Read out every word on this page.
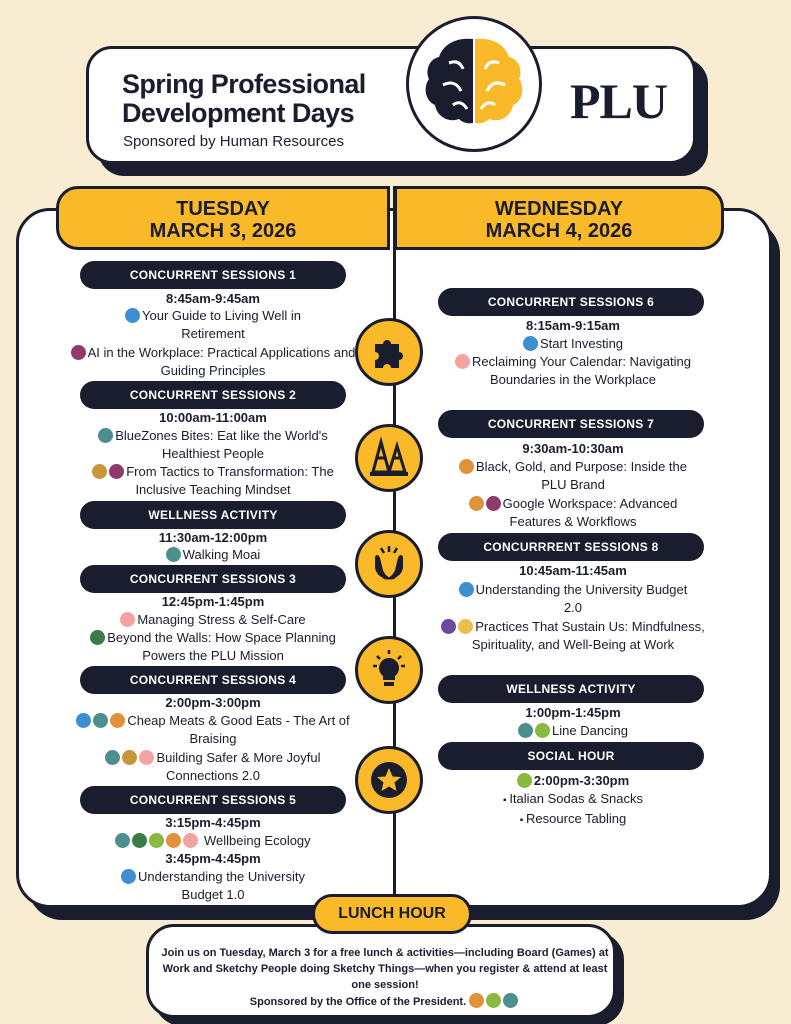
Spring Professional
Development Days
Sponsored by Human Resources
PLU
TUESDAY
MARCH 3, 2026
WEDNESDAY
MARCH 4, 2026
CONCURRENT SESSIONS 1
8:45am-9:45am
Your Guide to Living Well in Retirement
AI in the Workplace: Practical Applications and Guiding Principles
CONCURRENT SESSIONS 2
10:00am-11:00am
BlueZones Bites: Eat like the World's Healthiest People
From Tactics to Transformation: The Inclusive Teaching Mindset
WELLNESS ACTIVITY
11:30am-12:00pm
Walking Moai
CONCURRENT SESSIONS 3
12:45pm-1:45pm
Managing Stress & Self-Care
Beyond the Walls: How Space Planning Powers the PLU Mission
CONCURRENT SESSIONS 4
2:00pm-3:00pm
Cheap Meats & Good Eats - The Art of Braising
Building Safer & More Joyful Connections 2.0
CONCURRENT SESSIONS 5
3:15pm-4:45pm
Wellbeing Ecology
3:45pm-4:45pm
Understanding the University Budget 1.0
CONCURRENT SESSIONS 6
8:15am-9:15am
Start Investing
Reclaiming Your Calendar: Navigating Boundaries in the Workplace
CONCURRENT SESSIONS 7
9:30am-10:30am
Black, Gold, and Purpose: Inside the PLU Brand
Google Workspace: Advanced Features & Workflows
CONCURRRENT SESSIONS 8
10:45am-11:45am
Understanding the University Budget 2.0
Practices That Sustain Us: Mindfulness, Spirituality, and Well-Being at Work
WELLNESS ACTIVITY
1:00pm-1:45pm
Line Dancing
SOCIAL HOUR
2:00pm-3:30pm
▪ Italian Sodas & Snacks
▪ Resource Tabling
LUNCH HOUR
Join us on Tuesday, March 3 for a free lunch & activities—including Board (Games) at Work and Sketchy People doing Sketchy Things—when you register & attend at least one session!
Sponsored by the Office of the President.
